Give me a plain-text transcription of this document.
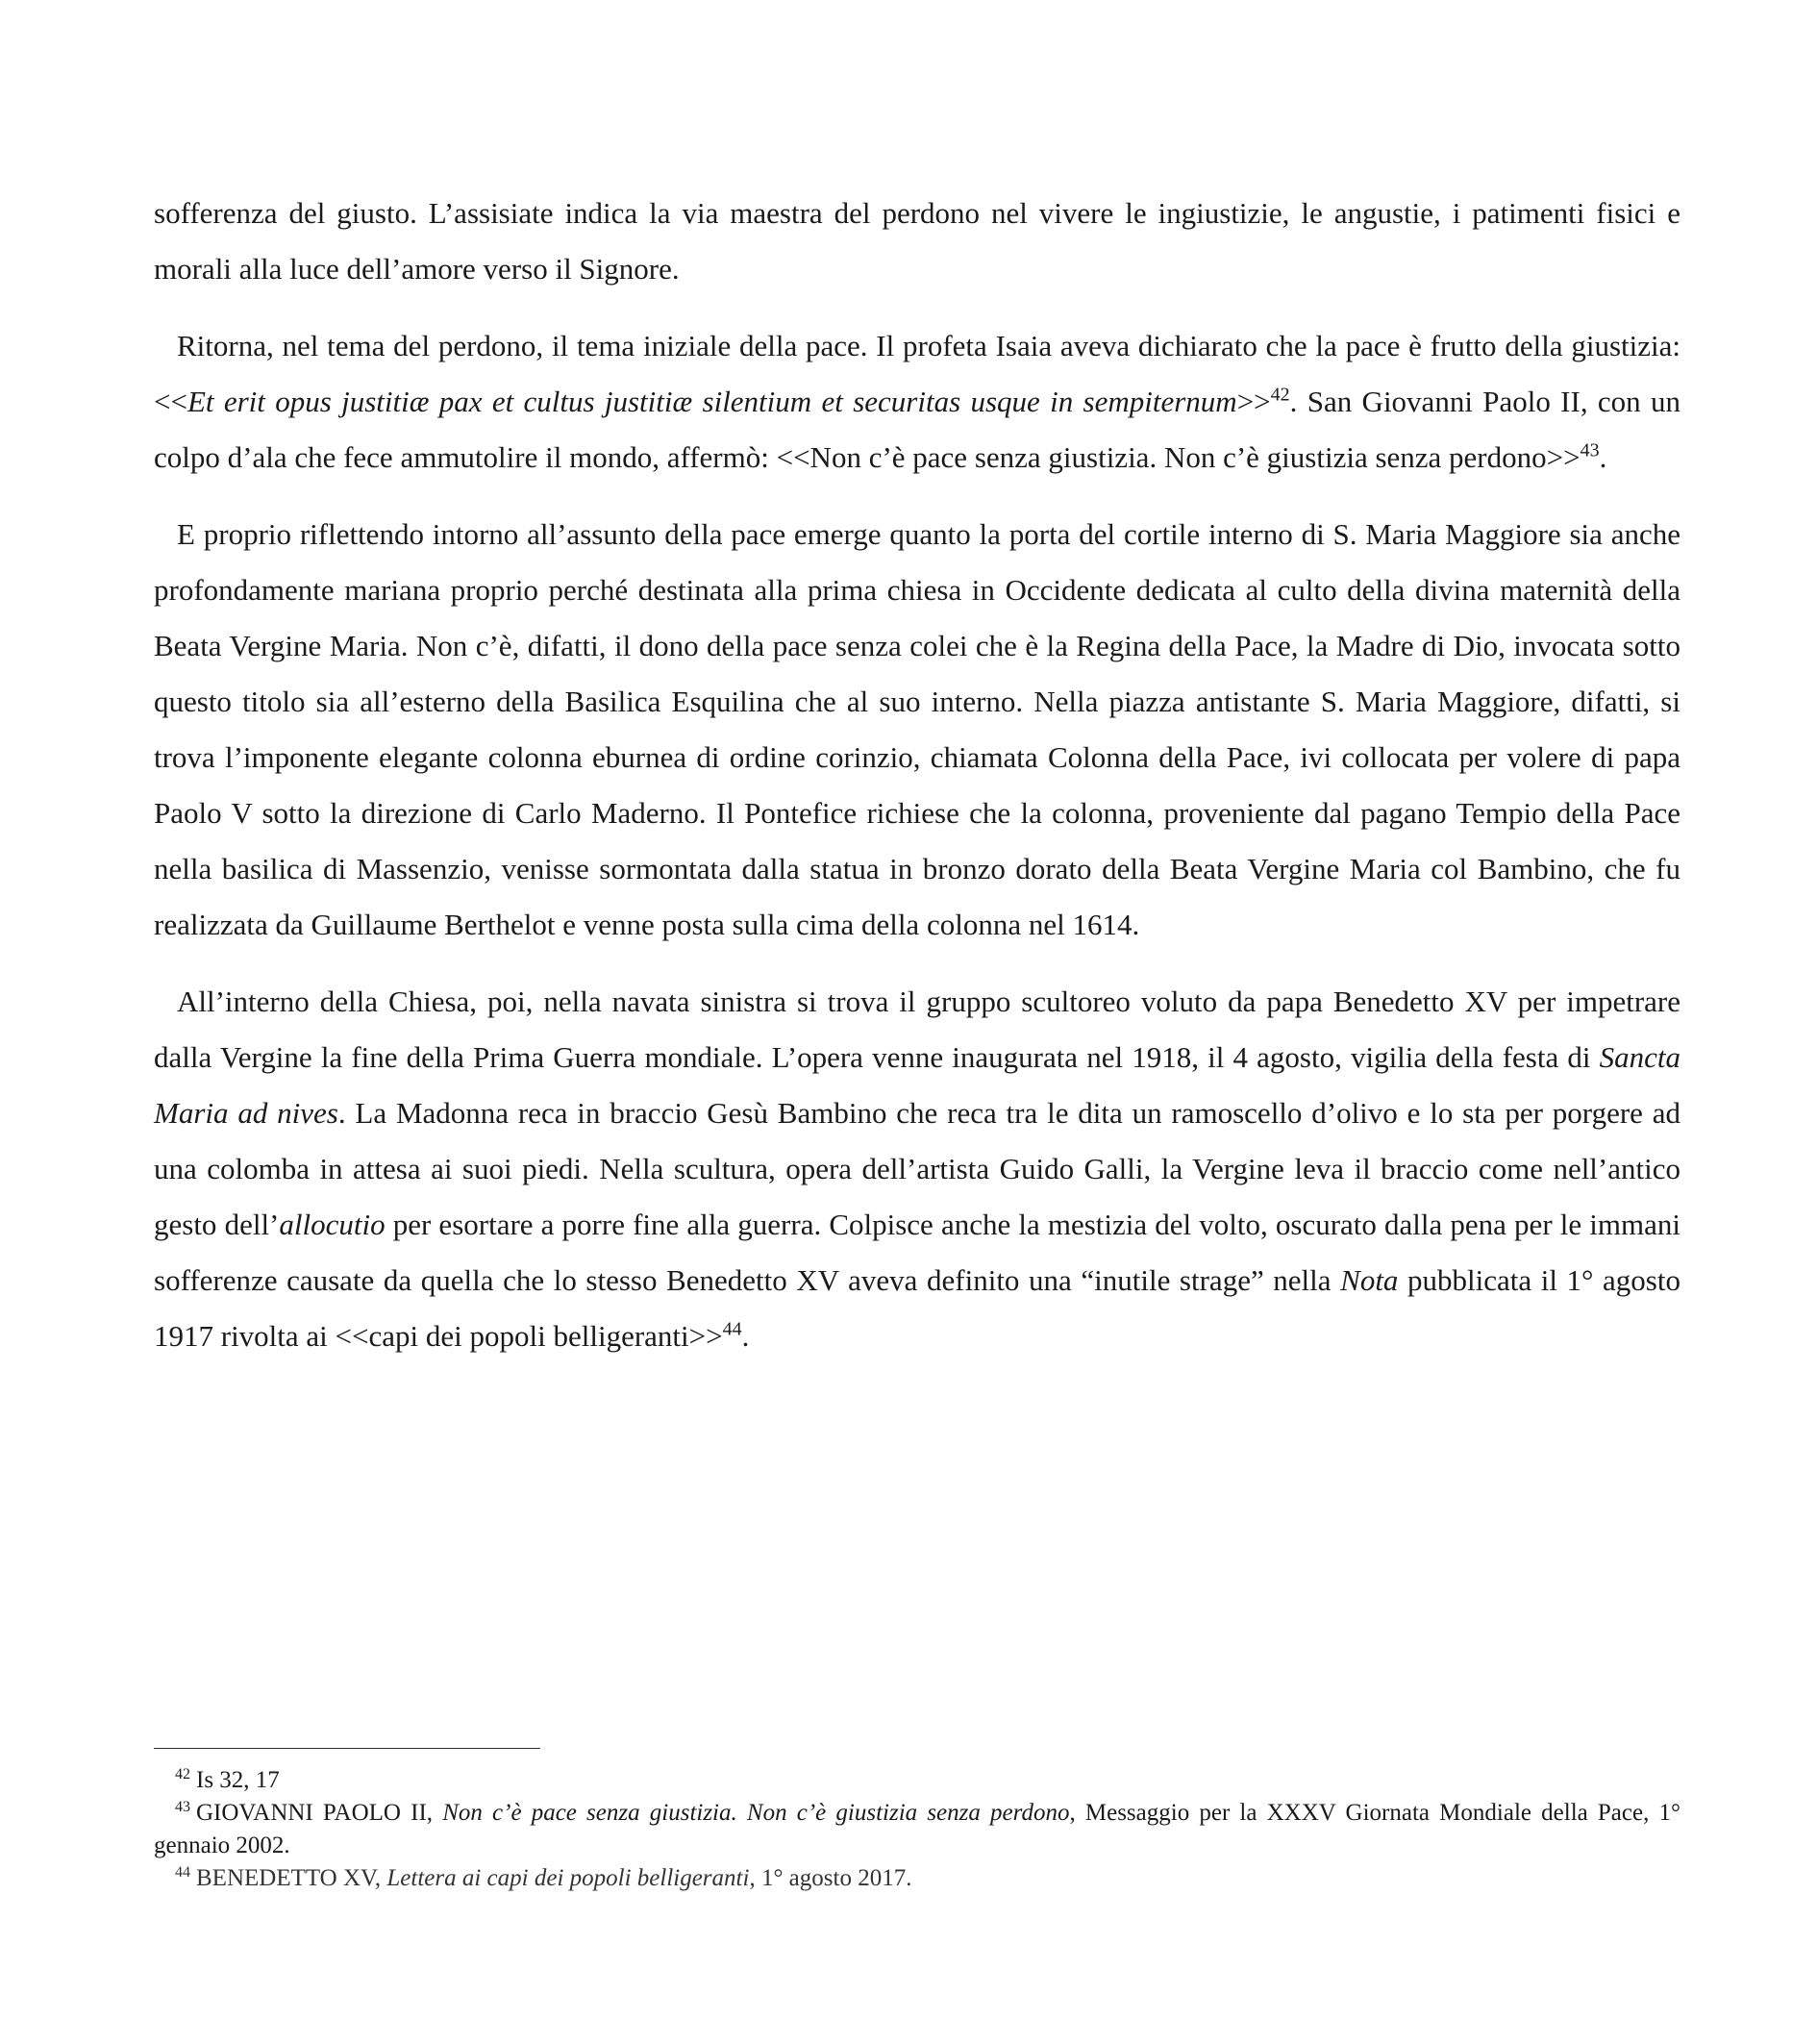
sofferenza del giusto. L’assisiate indica la via maestra del perdono nel vivere le ingiustizie, le angustie, i patimenti fisici e morali alla luce dell’amore verso il Signore.

Ritorna, nel tema del perdono, il tema iniziale della pace. Il profeta Isaia aveva dichiarato che la pace è frutto della giustizia: <<Et erit opus justitiæ pax et cultus justitiæ silentium et securitas usque in sempiternum>>$^{42}$. San Giovanni Paolo II, con un colpo d’ala che fece ammutolire il mondo, affermò: <<Non c’è pace senza giustizia. Non c’è giustizia senza perdono>>$^{43}$.

E proprio riflettendo intorno all’assunto della pace emerge quanto la porta del cortile interno di S. Maria Maggiore sia anche profondamente mariana proprio perché destinata alla prima chiesa in Occidente dedicata al culto della divina maternità della Beata Vergine Maria. Non c’è, difatti, il dono della pace senza colei che è la Regina della Pace, la Madre di Dio, invocata sotto questo titolo sia all’esterno della Basilica Esquilina che al suo interno. Nella piazza antistante S. Maria Maggiore, difatti, si trova l’imponente elegante colonna eburnea di ordine corinzio, chiamata Colonna della Pace, ivi collocata per volere di papa Paolo V sotto la direzione di Carlo Maderno. Il Pontefice richiese che la colonna, proveniente dal pagano Tempio della Pace nella basilica di Massenzio, venisse sormontata dalla statua in bronzo dorato della Beata Vergine Maria col Bambino, che fu realizzata da Guillaume Berthelot e venne posta sulla cima della colonna nel 1614.

All’interno della Chiesa, poi, nella navata sinistra si trova il gruppo scultoreo voluto da papa Benedetto XV per impetrare dalla Vergine la fine della Prima Guerra mondiale. L’opera venne inaugurata nel 1918, il 4 agosto, vigilia della festa di Sancta Maria ad nives. La Madonna reca in braccio Gesù Bambino che reca tra le dita un ramoscello d’olivo e lo sta per porgere ad una colomba in attesa ai suoi piedi. Nella scultura, opera dell’artista Guido Galli, la Vergine leva il braccio come nell’antico gesto dell’allocutio per esortare a porre fine alla guerra. Colpisce anche la mestizia del volto, oscurato dalla pena per le immani sofferenze causate da quella che lo stesso Benedetto XV aveva definito una “inutile strage” nella Nota pubblicata il 1° agosto 1917 rivolta ai <<capi dei popoli belligeranti>>$^{44}$.

$^{42}$ Is 32, 17

$^{43}$ GIOVANNI PAOLO II, Non c’è pace senza giustizia. Non c’è giustizia senza perdono, Messaggio per la XXXV Giornata Mondiale della Pace, 1° gennaio 2002.

$^{44}$ BENEDETTO XV, Lettera ai capi dei popoli belligeranti, 1° agosto 2017.
